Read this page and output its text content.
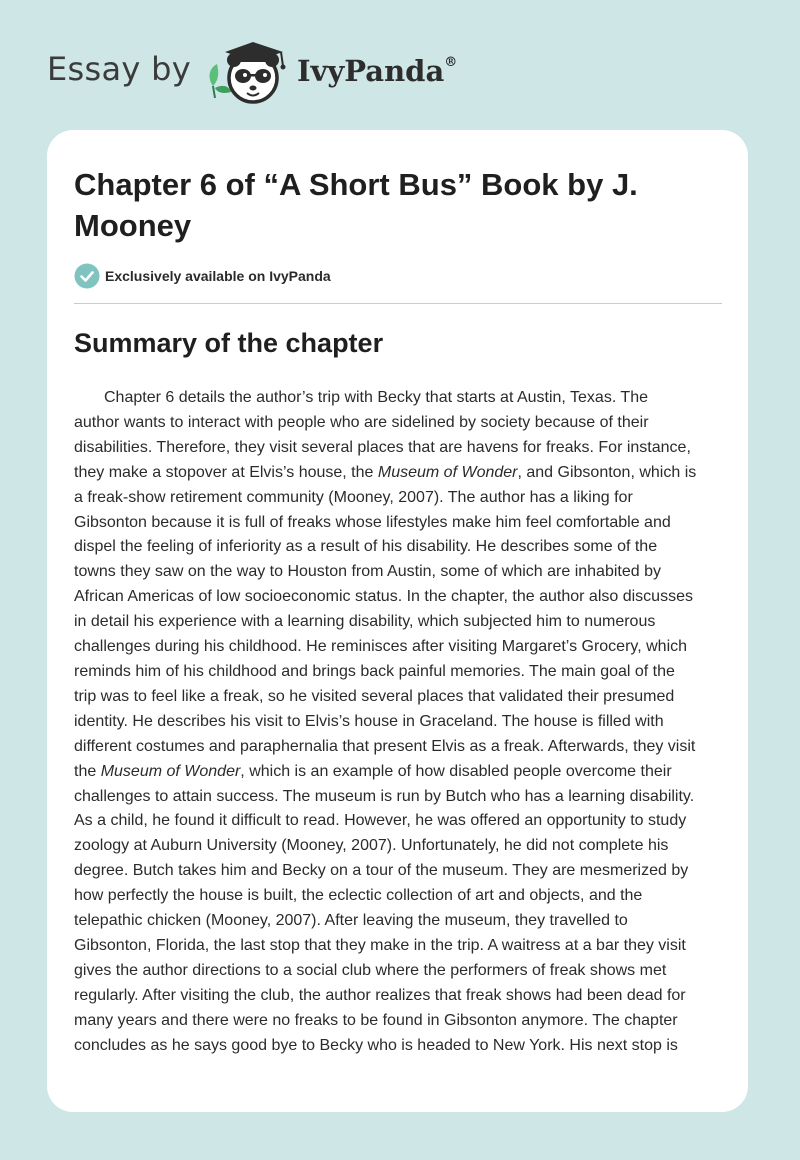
Essay by	IvyPanda®
Chapter 6 of “A Short Bus” Book by J. Mooney
Exclusively available on IvyPanda
Summary of the chapter

Chapter 6 details the author’s trip with Becky that starts at Austin, Texas. The
author wants to interact with people who are sidelined by society because of their
disabilities. Therefore, they visit several places that are havens for freaks. For instance,
they make a stopover at Elvis’s house, the Museum of Wonder, and Gibsonton, which is
a freak-show retirement community (Mooney, 2007). The author has a liking for
Gibsonton because it is full of freaks whose lifestyles make him feel comfortable and
dispel the feeling of inferiority as a result of his disability. He describes some of the
towns they saw on the way to Houston from Austin, some of which are inhabited by
African Americas of low socioeconomic status. In the chapter, the author also discusses
in detail his experience with a learning disability, which subjected him to numerous
challenges during his childhood. He reminisces after visiting Margaret’s Grocery, which
reminds him of his childhood and brings back painful memories. The main goal of the
trip was to feel like a freak, so he visited several places that validated their presumed
identity. He describes his visit to Elvis’s house in Graceland. The house is filled with
different costumes and paraphernalia that present Elvis as a freak. Afterwards, they visit
the Museum of Wonder, which is an example of how disabled people overcome their
challenges to attain success. The museum is run by Butch who has a learning disability.
As a child, he found it difficult to read. However, he was offered an opportunity to study
zoology at Auburn University (Mooney, 2007). Unfortunately, he did not complete his
degree. Butch takes him and Becky on a tour of the museum. They are mesmerized by
how perfectly the house is built, the eclectic collection of art and objects, and the
telepathic chicken (Mooney, 2007). After leaving the museum, they travelled to
Gibsonton, Florida, the last stop that they make in the trip. A waitress at a bar they visit
gives the author directions to a social club where the performers of freak shows met
regularly. After visiting the club, the author realizes that freak shows had been dead for
many years and there were no freaks to be found in Gibsonton anymore. The chapter
concludes as he says good bye to Becky who is headed to New York. His next stop is
